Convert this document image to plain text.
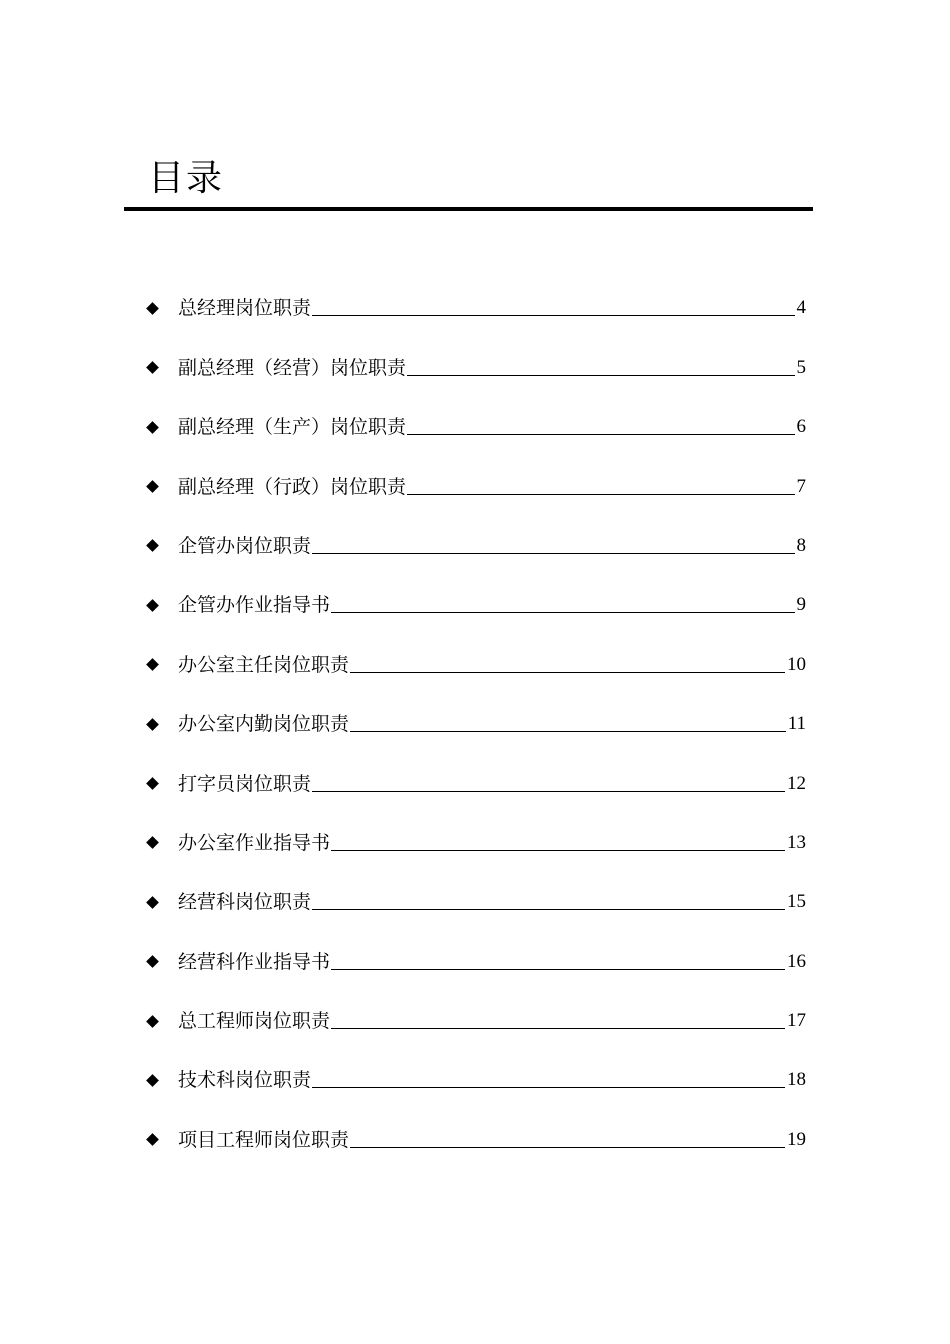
目录
总经理岗位职责	4
副总经理（经营）岗位职责	5
副总经理（生产）岗位职责	6
副总经理（行政）岗位职责	7
企管办岗位职责	8
企管办作业指导书	9
办公室主任岗位职责	10
办公室内勤岗位职责	11
打字员岗位职责	12
办公室作业指导书	13
经营科岗位职责	15
经营科作业指导书	16
总工程师岗位职责	17
技术科岗位职责	18
项目工程师岗位职责	19
